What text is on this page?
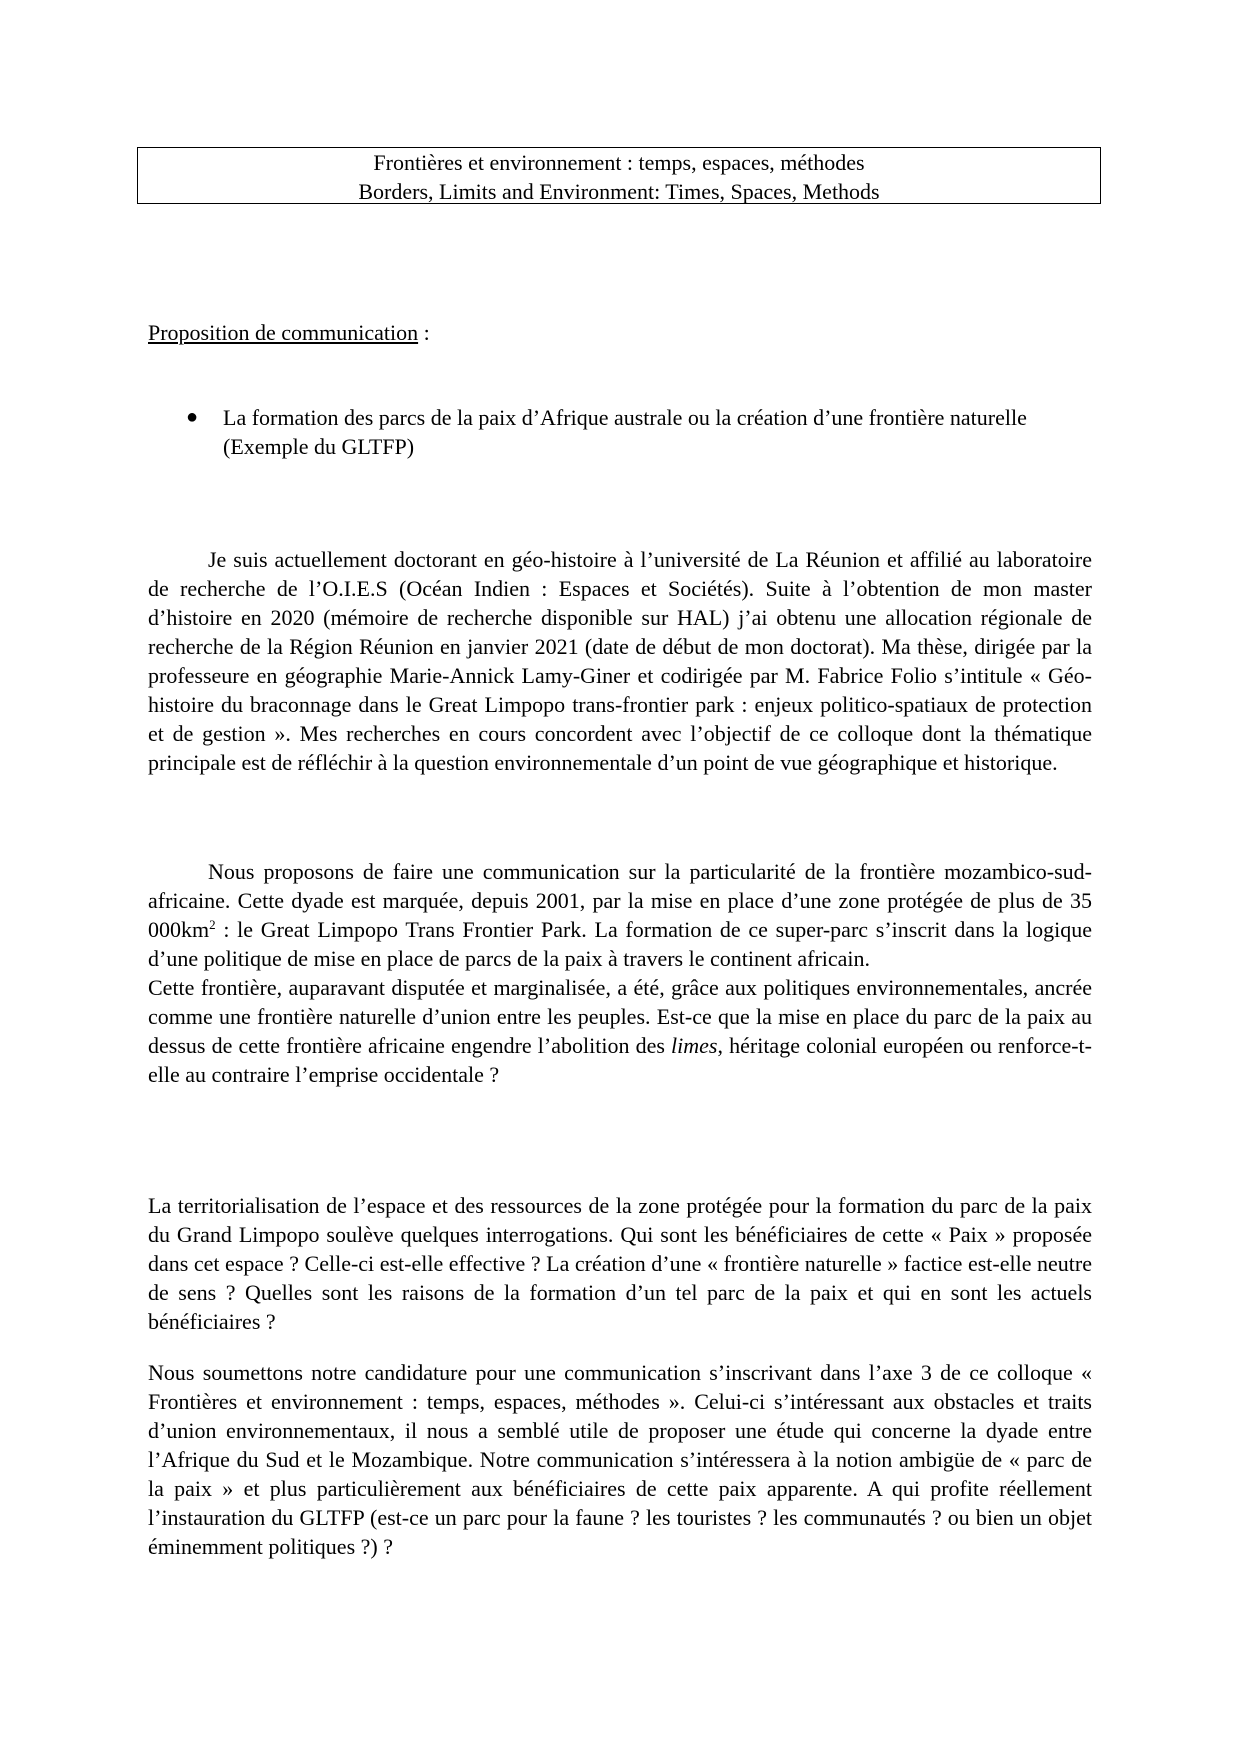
Frontières et environnement : temps, espaces, méthodes
Borders, Limits and Environment: Times, Spaces, Methods
Proposition de communication :
● La formation des parcs de la paix d’Afrique australe ou la création d’une frontière naturelle (Exemple du GLTFP)
Je suis actuellement doctorant en géo-histoire à l’université de La Réunion et affilié au laboratoire de recherche de l’O.I.E.S (Océan Indien : Espaces et Sociétés). Suite à l’obtention de mon master d’histoire en 2020 (mémoire de recherche disponible sur HAL) j’ai obtenu une allocation régionale de recherche de la Région Réunion en janvier 2021 (date de début de mon doctorat). Ma thèse, dirigée par la professeure en géographie Marie-Annick Lamy-Giner et codirigée par M. Fabrice Folio s’intitule « Géo-histoire du braconnage dans le Great Limpopo trans-frontier park : enjeux politico-spatiaux de protection et de gestion ». Mes recherches en cours concordent avec l’objectif de ce colloque dont la thématique principale est de réfléchir à la question environnementale d’un point de vue géographique et historique.

Nous proposons de faire une communication sur la particularité de la frontière mozambico-sud-africaine. Cette dyade est marquée, depuis 2001, par la mise en place d’une zone protégée de plus de 35 $000km^2$ : le Great Limpopo Trans Frontier Park. La formation de ce super-parc s’inscrit dans la logique d’une politique de mise en place de parcs de la paix à travers le continent africain.

Cette frontière, auparavant disputée et marginalisée, a été, grâce aux politiques environnementales, ancrée comme une frontière naturelle d’union entre les peuples. Est-ce que la mise en place du parc de la paix au dessus de cette frontière africaine engendre l’abolition des limes, héritage colonial européen ou renforce-t-elle au contraire l’emprise occidentale ?

La territorialisation de l’espace et des ressources de la zone protégée pour la formation du parc de la paix du Grand Limpopo soulève quelques interrogations. Qui sont les bénéficiaires de cette « Paix » proposée dans cet espace ? Celle-ci est-elle effective ? La création d’une « frontière naturelle » factice est-elle neutre de sens ? Quelles sont les raisons de la formation d’un tel parc de la paix et qui en sont les actuels bénéficiaires ?
Nous soumettons notre candidature pour une communication s’inscrivant dans l’axe 3 de ce colloque « Frontières et environnement : temps, espaces, méthodes ». Celui-ci s’intéressant aux obstacles et traits d’union environnementaux, il nous a semblé utile de proposer une étude qui concerne la dyade entre l’Afrique du Sud et le Mozambique. Notre communication s’intéressera à la notion ambigüe de « parc de la paix » et plus particulièrement aux bénéficiaires de cette paix apparente. A qui profite réellement l’instauration du GLTFP (est-ce un parc pour la faune ? les touristes ? les communautés ? ou bien un objet éminemment politiques ?) ?
